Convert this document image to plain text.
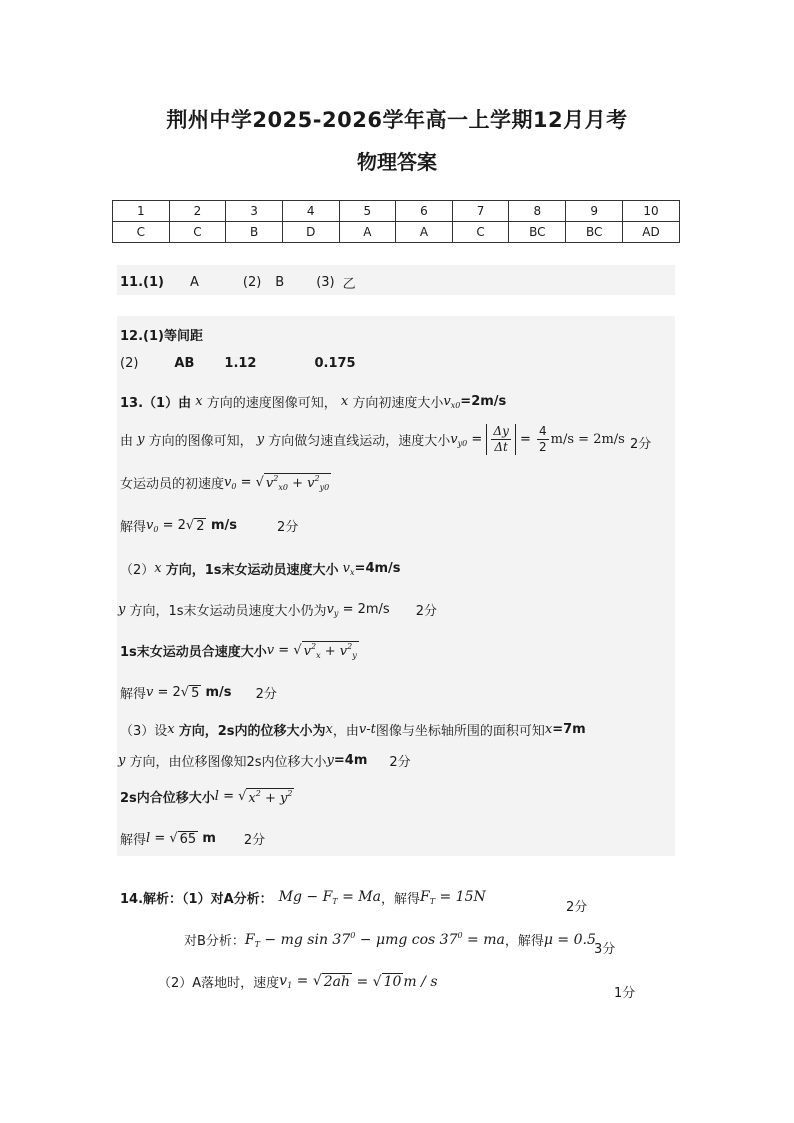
荆州中学2025-2026学年高一上学期12月月考
物理答案
1	2	3	4	5	6	7	8	9	10
C	C	B	D	A	A	C	BC	BC	AD
11.(1) A	(2) B (3) 乙
12.(1)等间距
(2)	AB 1.12	0.175
13.（1）由 x 方向的速度图像可知， x 方向初速度大小 $v_{x0} =2m/s$
由 y 方向的图像可知， y 方向做匀速直线运动，速度大小 $v_{y0} = \frac{\Delta y}{\Delta t} = \frac{4}{2} m/s = 2m/s$ 2分
女运动员的初速度 $v_0$ = √ $v^2_{x0} + v^2_{y0}$
解得 $v_0 = 2√$ 2
m/s	2分
（2） x 方向，1s末女运动员速度大小 $v_x =4m/s$
y 方向，1s末女运动员速度大小仍为 $v_y$
= 2m/s 2分
1s末女运动员合速度大小 v = √ $v^2_x + v^2_y$
解得 v = 2√ 5
m/s 2分
（3）设 x 方向，2s内的位移大小为 x ，由 v-t 图像与坐标轴所围的面积可知 x =7m
y 方向，由位移图像知2s内位移大小 y =4m 2分
2s内合位移大小 l = √ $x^2 + y^2$
解得 l = √ 65
m 2分
14.解析：（1）对A分析： $Mg - F_T = Ma$ ，解得 $F_T = 15N$
2分
对B分析： $F_T$ − mg $\sin 37^0 - \mu mg$ $\cos 37^0$ = ma ，解得 μ = 0.5
3分
（2）A落地时，速度 $v_1$ = √ 2ah = √ 10 m / s
1分
